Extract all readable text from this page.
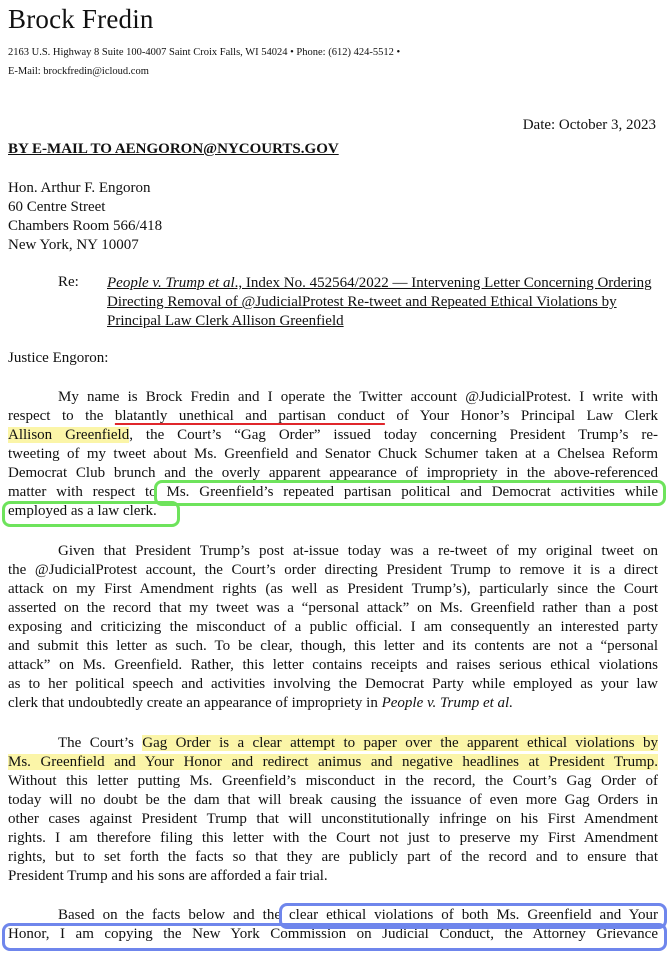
Brock Fredin
2163 U.S. Highway 8 Suite 100-4007 Saint Croix Falls, WI 54024 • Phone: (612) 424-5512 •
E-Mail: brockfredin@icloud.com
Date: October 3, 2023
BY E-MAIL TO AENGORON@NYCOURTS.GOV
Hon. Arthur F. Engoron
60 Centre Street
Chambers Room 566/418
New York, NY 10007
Re: People v. Trump et al., Index No. 452564/2022 — Intervening Letter Concerning Ordering Directing Removal of @JudicialProtest Re-tweet and Repeated Ethical Violations by Principal Law Clerk Allison Greenfield
Justice Engoron:
My name is Brock Fredin and I operate the Twitter account @JudicialProtest. I write with
respect to the blatantly unethical and partisan conduct of Your Honor’s Principal Law Clerk
Allison Greenfield, the Court’s “Gag Order” issued today concerning President Trump’s re-
tweeting of my tweet about Ms. Greenfield and Senator Chuck Schumer taken at a Chelsea Reform
Democrat Club brunch and the overly apparent appearance of impropriety in the above-referenced
matter with respect to Ms. Greenfield’s repeated partisan political and Democrat activities while
employed as a law clerk.
Given that President Trump’s post at-issue today was a re-tweet of my original tweet on
the @JudicialProtest account, the Court’s order directing President Trump to remove it is a direct
attack on my First Amendment rights (as well as President Trump’s), particularly since the Court
asserted on the record that my tweet was a “personal attack” on Ms. Greenfield rather than a post
exposing and criticizing the misconduct of a public official. I am consequently an interested party
and submit this letter as such. To be clear, though, this letter and its contents are not a “personal
attack” on Ms. Greenfield. Rather, this letter contains receipts and raises serious ethical violations
as to her political speech and activities involving the Democrat Party while employed as your law
clerk that undoubtedly create an appearance of impropriety in People v. Trump et al.
The Court’s Gag Order is a clear attempt to paper over the apparent ethical violations by
Ms. Greenfield and Your Honor and redirect animus and negative headlines at President Trump.
Without this letter putting Ms. Greenfield’s misconduct in the record, the Court’s Gag Order of
today will no doubt be the dam that will break causing the issuance of even more Gag Orders in
other cases against President Trump that will unconstitutionally infringe on his First Amendment
rights. I am therefore filing this letter with the Court not just to preserve my First Amendment
rights, but to set forth the facts so that they are publicly part of the record and to ensure that
President Trump and his sons are afforded a fair trial.
Based on the facts below and the clear ethical violations of both Ms. Greenfield and Your
Honor, I am copying the New York Commission on Judicial Conduct, the Attorney Grievance
